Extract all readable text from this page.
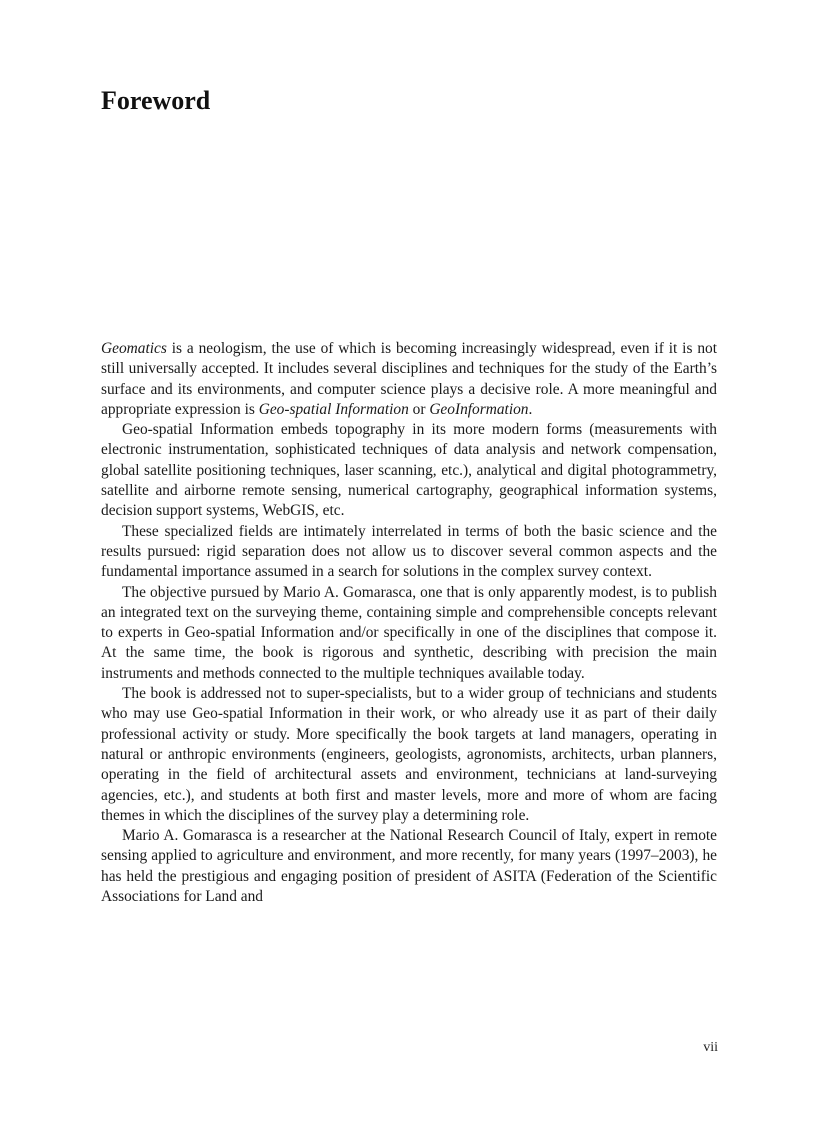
Foreword

Geomatics is a neologism, the use of which is becoming increasingly widespread, even if it is not still universally accepted. It includes several disciplines and techniques for the study of the Earth’s surface and its environments, and computer science plays a decisive role. A more meaningful and appropriate expression is Geo-spatial Information or GeoInformation.

Geo-spatial Information embeds topography in its more modern forms (measurements with electronic instrumentation, sophisticated techniques of data analysis and network compensation, global satellite positioning techniques, laser scanning, etc.), analytical and digital photogrammetry, satellite and airborne remote sensing, numerical cartography, geographical information systems, decision support systems, WebGIS, etc.

These specialized fields are intimately interrelated in terms of both the basic science and the results pursued: rigid separation does not allow us to discover several common aspects and the fundamental importance assumed in a search for solutions in the complex survey context.

The objective pursued by Mario A. Gomarasca, one that is only apparently modest, is to publish an integrated text on the surveying theme, containing simple and comprehensible concepts relevant to experts in Geo-spatial Information and/or specifically in one of the disciplines that compose it. At the same time, the book is rigorous and synthetic, describing with precision the main instruments and methods connected to the multiple techniques available today.

The book is addressed not to super-specialists, but to a wider group of technicians and students who may use Geo-spatial Information in their work, or who already use it as part of their daily professional activity or study. More specifically the book targets at land managers, operating in natural or anthropic environments (engineers, geologists, agronomists, architects, urban planners, operating in the field of architectural assets and environment, technicians at land-surveying agencies, etc.), and students at both first and master levels, more and more of whom are facing themes in which the disciplines of the survey play a determining role.

Mario A. Gomarasca is a researcher at the National Research Council of Italy, expert in remote sensing applied to agriculture and environment, and more recently, for many years (1997–2003), he has held the prestigious and engaging position of president of ASITA (Federation of the Scientific Associations for Land and

vii
